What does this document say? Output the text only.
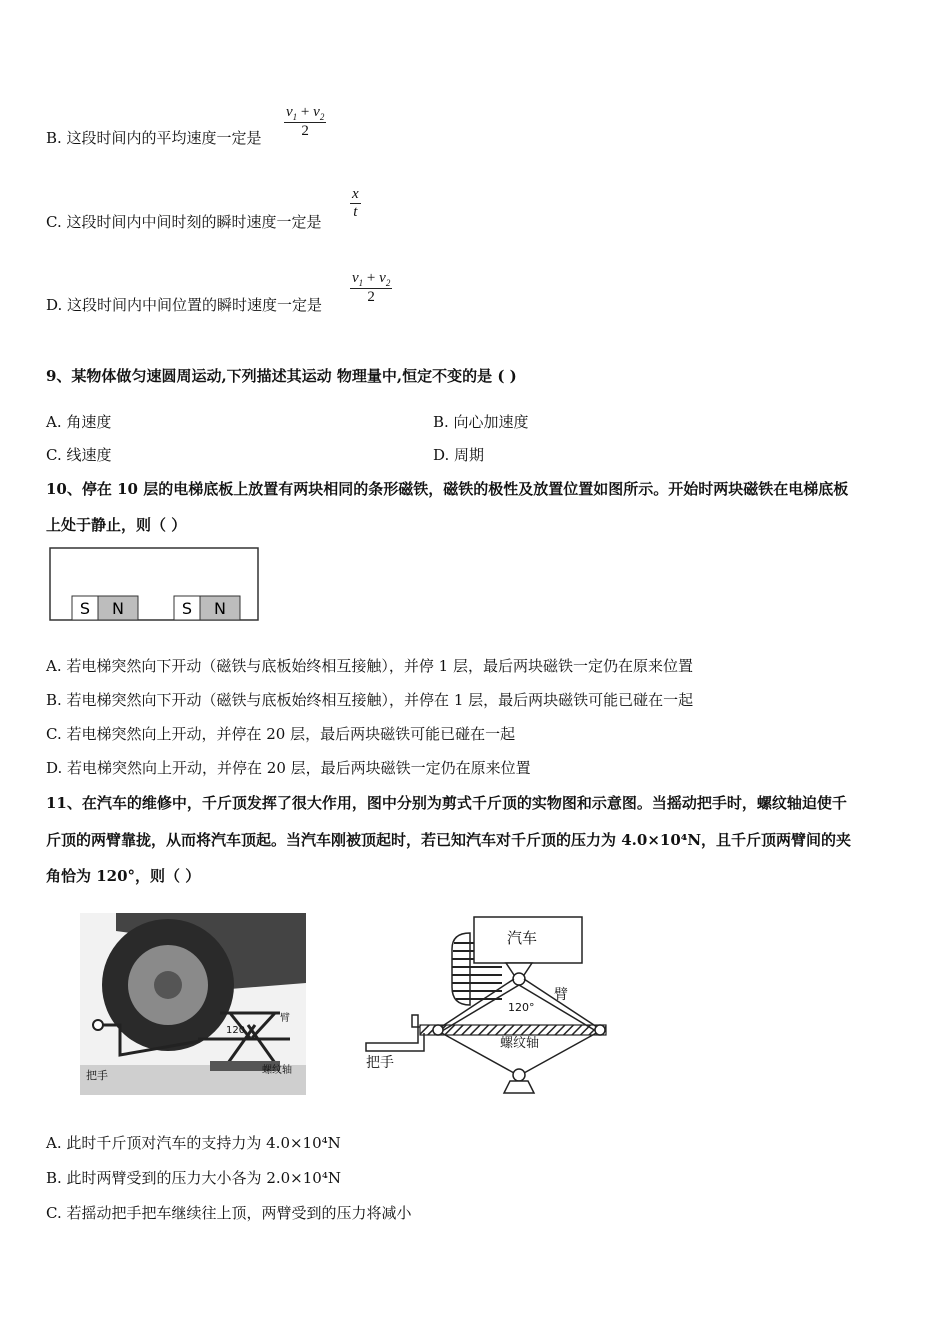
B. 这段时间内的平均速度一定是 $\frac{v_1 + v_2}{2}$
C. 这段时间内中间时刻的瞬时速度一定是
$\frac{x}{t}$
D. 这段时间内中间位置的瞬时速度一定是 $\frac{v_1 + v_2}{2}$
9、某物体做匀速圆周运动,下列描述其运动 物理量中,恒定不变的是 ( )
A. 角速度	B. 向心加速度
C. 线速度	D. 周期
10、停在 10 层的电梯底板上放置有两块相同的条形磁铁，磁铁的极性及放置位置如图所示。开始时两块磁铁在电梯底板
上处于静止，则（ ）
S N	S N
A. 若电梯突然向下开动（磁铁与底板始终相互接触），并停 1 层，最后两块磁铁一定仍在原来位置
B. 若电梯突然向下开动（磁铁与底板始终相互接触），并停在 1 层，最后两块磁铁可能已碰在一起
C. 若电梯突然向上开动，并停在 20 层，最后两块磁铁可能已碰在一起
D. 若电梯突然向上开动，并停在 20 层，最后两块磁铁一定仍在原来位置
11、在汽车的维修中，千斤顶发挥了很大作用，图中分别为剪式千斤顶的实物图和示意图。当摇动把手时，螺纹轴迫使千
斤顶的两臂靠拢，从而将汽车顶起。当汽车刚被顶起时，若已知汽车对千斤顶的压力为 4.0×10⁴N，且千斤顶两臂间的夹
角恰为 120°，则（ ）
把手
臂
120
螺纹轴
汽车
120°
臂
螺纹轴
把手
A. 此时千斤顶对汽车的支持力为 4.0×10⁴N
B. 此时两臂受到的压力大小各为 2.0×10⁴N
C. 若摇动把手把车继续往上顶，两臂受到的压力将减小
